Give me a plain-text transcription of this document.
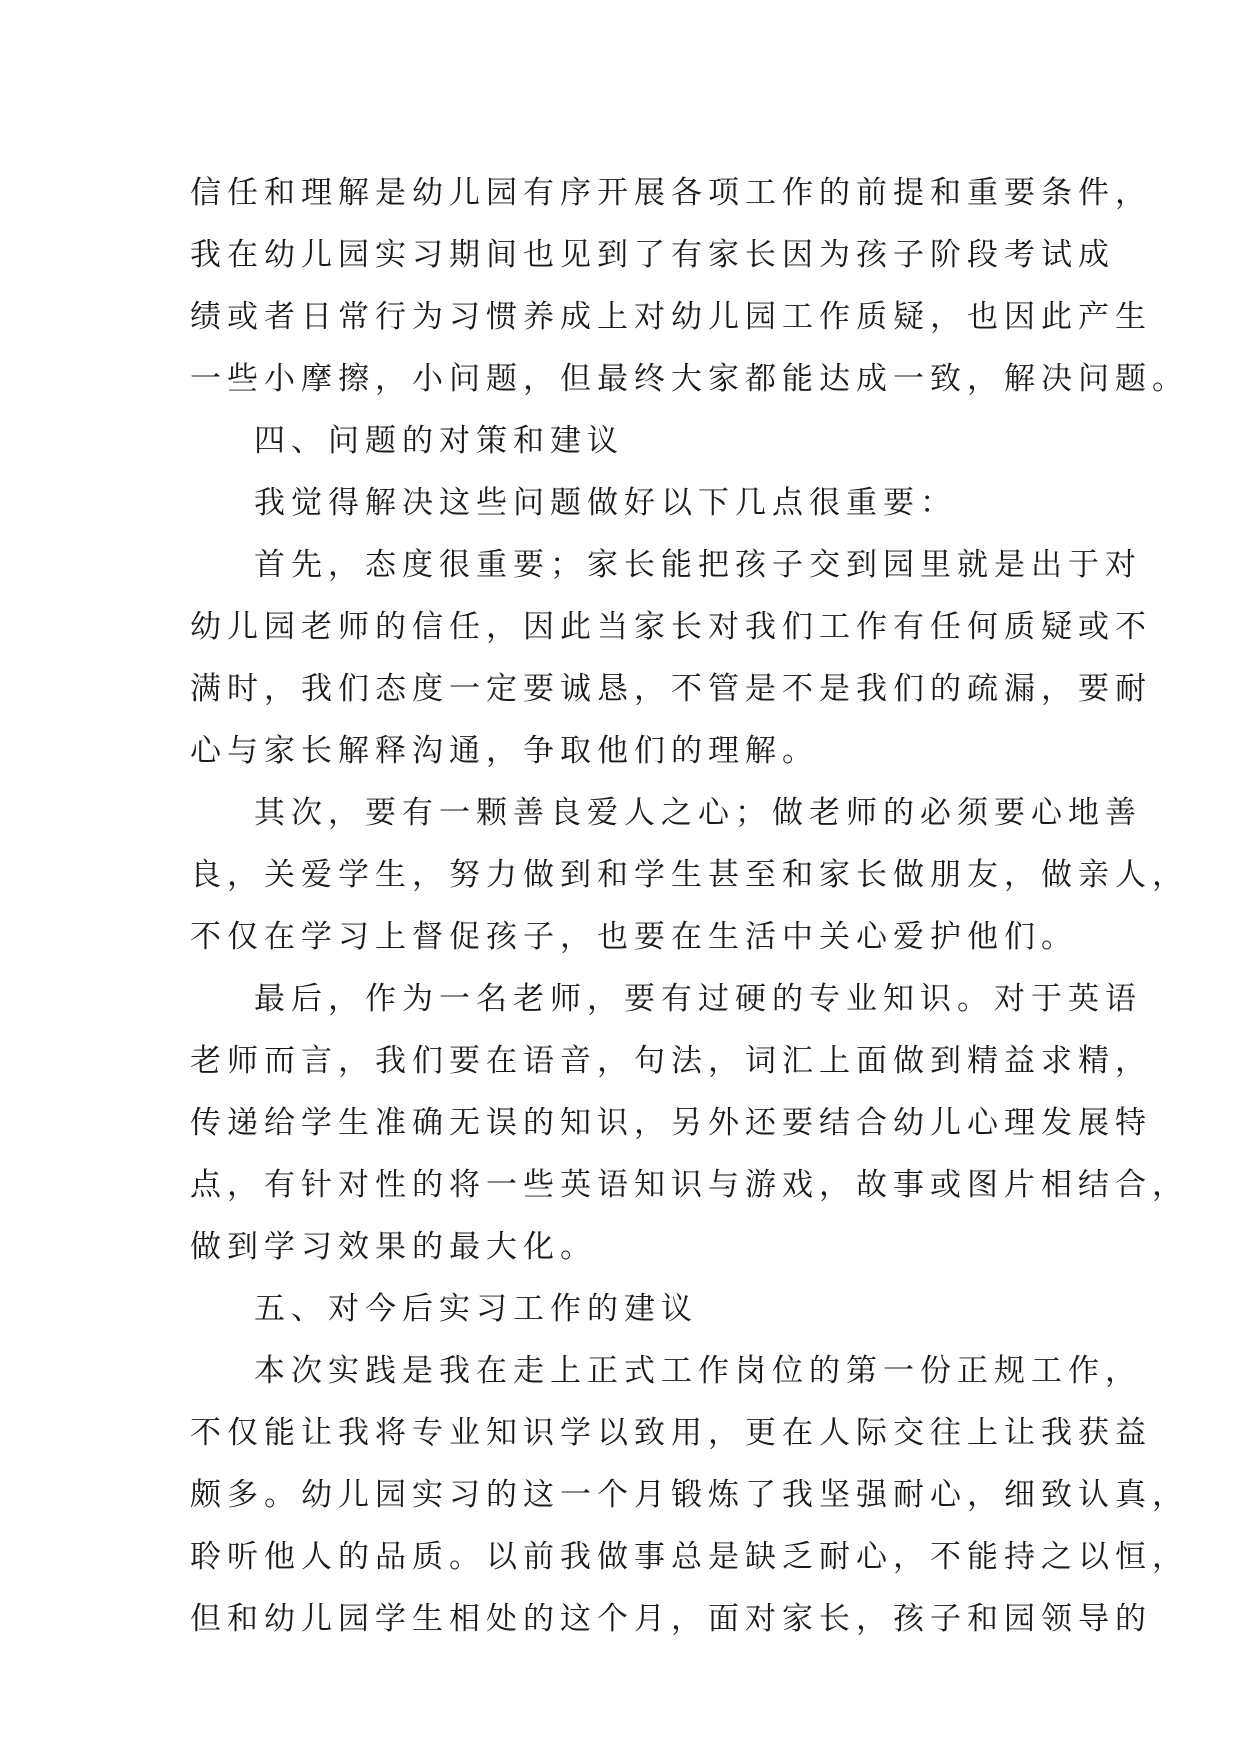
信任和理解是幼儿园有序开展各项工作的前提和重要条件，
我在幼儿园实习期间也见到了有家长因为孩子阶段考试成
绩或者日常行为习惯养成上对幼儿园工作质疑，也因此产生
一些小摩擦，小问题，但最终大家都能达成一致，解决问题。
四、问题的对策和建议
我觉得解决这些问题做好以下几点很重要：
首先，态度很重要；家长能把孩子交到园里就是出于对
幼儿园老师的信任，因此当家长对我们工作有任何质疑或不
满时，我们态度一定要诚恳，不管是不是我们的疏漏，要耐
心与家长解释沟通，争取他们的理解。
其次，要有一颗善良爱人之心；做老师的必须要心地善
良，关爱学生，努力做到和学生甚至和家长做朋友，做亲人，
不仅在学习上督促孩子，也要在生活中关心爱护他们。
最后，作为一名老师，要有过硬的专业知识。对于英语
老师而言，我们要在语音，句法，词汇上面做到精益求精，
传递给学生准确无误的知识，另外还要结合幼儿心理发展特
点，有针对性的将一些英语知识与游戏，故事或图片相结合，
做到学习效果的最大化。
五、对今后实习工作的建议
本次实践是我在走上正式工作岗位的第一份正规工作，
不仅能让我将专业知识学以致用，更在人际交往上让我获益
颇多。幼儿园实习的这一个月锻炼了我坚强耐心，细致认真，
聆听他人的品质。以前我做事总是缺乏耐心，不能持之以恒，
但和幼儿园学生相处的这个月，面对家长，孩子和园领导的
